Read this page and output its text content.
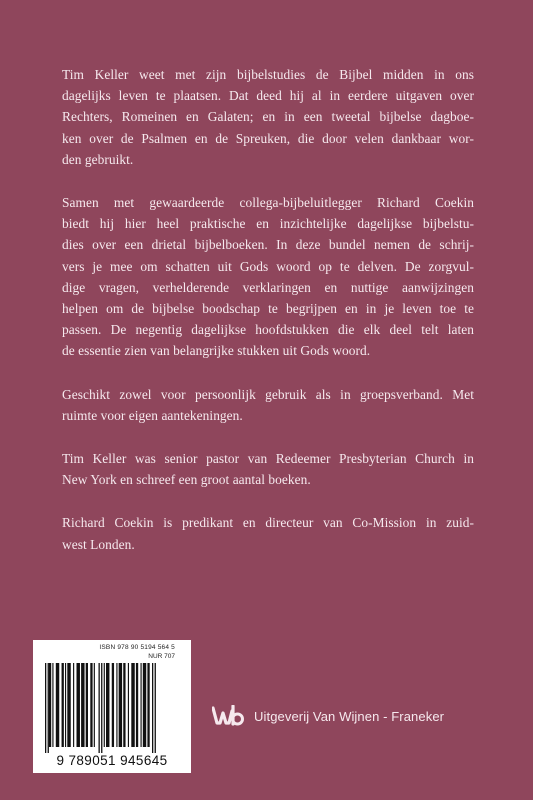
Tim Keller weet met zijn bijbelstudies de Bijbel midden in ons
dagelijks leven te plaatsen. Dat deed hij al in eerdere uitgaven over
Rechters, Romeinen en Galaten; en in een tweetal bijbelse dagboe-
ken over de Psalmen en de Spreuken, die door velen dankbaar wor-
den gebruikt.
Samen met gewaardeerde collega-bijbeluitlegger Richard Coekin
biedt hij hier heel praktische en inzichtelijke dagelijkse bijbelstu-
dies over een drietal bijbelboeken. In deze bundel nemen de schrij-
vers je mee om schatten uit Gods woord op te delven. De zorgvul-
dige vragen, verhelderende verklaringen en nuttige aanwijzingen
helpen om de bijbelse boodschap te begrijpen en in je leven toe te
passen. De negentig dagelijkse hoofdstukken die elk deel telt laten
de essentie zien van belangrijke stukken uit Gods woord.
Geschikt zowel voor persoonlijk gebruik als in groepsverband. Met
ruimte voor eigen aantekeningen.
Tim Keller was senior pastor van Redeemer Presbyterian Church in
New York en schreef een groot aantal boeken.
Richard Coekin is predikant en directeur van Co-Mission in zuid-
west Londen.
ISBN 978 90 5194 564 5
NUR 707
9 789051 945645
Uitgeverij Van Wijnen - Franeker
